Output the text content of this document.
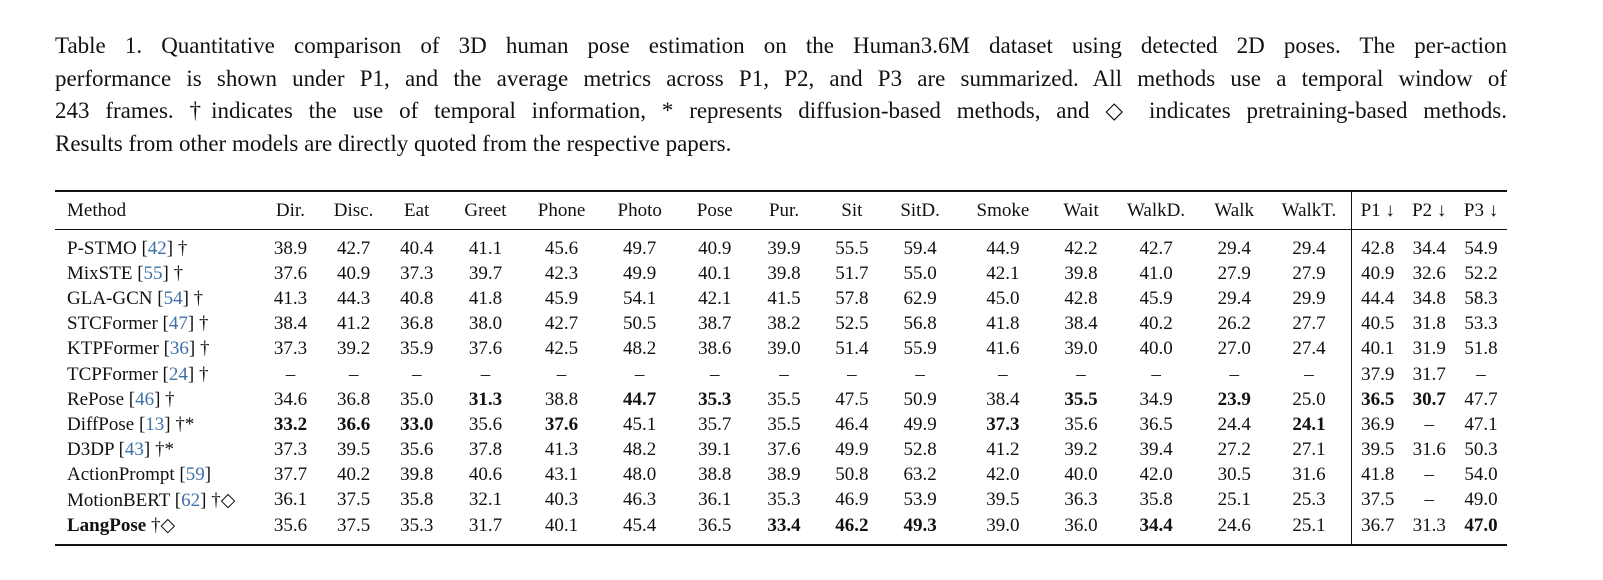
Table 1. Quantitative comparison of 3D human pose estimation on the Human3.6M dataset using detected 2D poses. The per-action
performance is shown under P1, and the average metrics across P1, P2, and P3 are summarized. All methods use a temporal window of
243 frames. †indicates the use of temporal information, * represents diffusion-based methods, and ◇ indicates pretraining-based methods.
Results from other models are directly quoted from the respective papers.
Method	Dir.	Disc.	Eat	Greet	Phone	Photo	Pose	Pur.	Sit	SitD.	Smoke	Wait	WalkD.	Walk	WalkT.	P1 ↓	P2 ↓	P3 ↓
P-STMO [42] †	38.9	42.7	40.4	41.1	45.6	49.7	40.9	39.9	55.5	59.4	44.9	42.2	42.7	29.4	29.4	42.8	34.4	54.9
MixSTE [55] †	37.6	40.9	37.3	39.7	42.3	49.9	40.1	39.8	51.7	55.0	42.1	39.8	41.0	27.9	27.9	40.9	32.6	52.2
GLA-GCN [54] †	41.3	44.3	40.8	41.8	45.9	54.1	42.1	41.5	57.8	62.9	45.0	42.8	45.9	29.4	29.9	44.4	34.8	58.3
STCFormer [47] †	38.4	41.2	36.8	38.0	42.7	50.5	38.7	38.2	52.5	56.8	41.8	38.4	40.2	26.2	27.7	40.5	31.8	53.3
KTPFormer [36] †	37.3	39.2	35.9	37.6	42.5	48.2	38.6	39.0	51.4	55.9	41.6	39.0	40.0	27.0	27.4	40.1	31.9	51.8
TCPFormer [24] †	–	–	–	–	–	–	–	–	–	–	–	–	–	–	–	37.9	31.7	–
RePose [46] †	34.6	36.8	35.0	31.3	38.8	44.7	35.3	35.5	47.5	50.9	38.4	35.5	34.9	23.9	25.0	36.5	30.7	47.7
DiffPose [13] †*	33.2	36.6	33.0	35.6	37.6	45.1	35.7	35.5	46.4	49.9	37.3	35.6	36.5	24.4	24.1	36.9	–	47.1
D3DP [43] †*	37.3	39.5	35.6	37.8	41.3	48.2	39.1	37.6	49.9	52.8	41.2	39.2	39.4	27.2	27.1	39.5	31.6	50.3
ActionPrompt [59]	37.7	40.2	39.8	40.6	43.1	48.0	38.8	38.9	50.8	63.2	42.0	40.0	42.0	30.5	31.6	41.8	–	54.0
MotionBERT [62] †◇	36.1	37.5	35.8	32.1	40.3	46.3	36.1	35.3	46.9	53.9	39.5	36.3	35.8	25.1	25.3	37.5	–	49.0
LangPose †◇	35.6	37.5	35.3	31.7	40.1	45.4	36.5	33.4	46.2	49.3	39.0	36.0	34.4	24.6	25.1	36.7	31.3	47.0
